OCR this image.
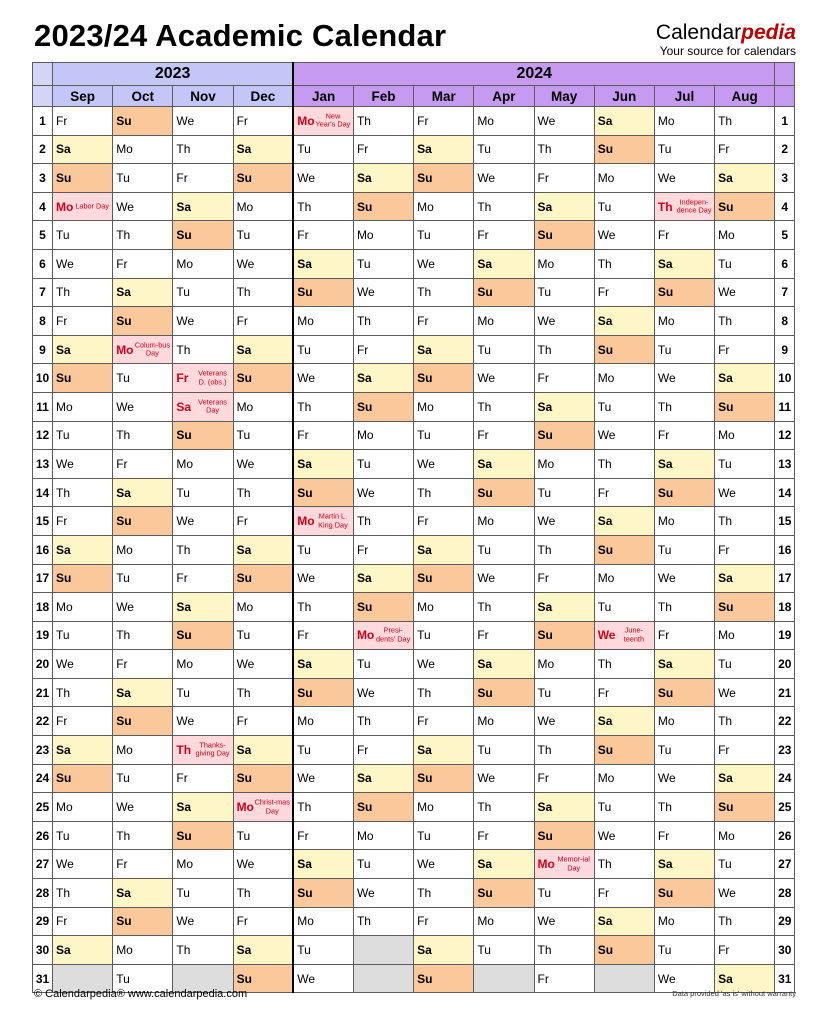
2023/24 Academic Calendar	Calendarpedia
Your source for calendars
	2023				2024								
	Sep	Oct	Nov	Dec	Jan	Feb	Mar	Apr	May	Jun	Jul	Aug	
1	Fr	Su	We	Fr	Mo New Year's Day	Th	Fr	Mo	We	Sa	Mo	Th	1
2	Sa	Mo	Th	Sa	Tu	Fr	Sa	Tu	Th	Su	Tu	Fr	2
3	Su	Tu	Fr	Su	We	Sa	Su	We	Fr	Mo	We	Sa	3
4	Mo Labor Day	We	Sa	Mo	Th	Su	Mo	Th	Sa	Tu	Th Indepen-dence Day	Su	4
5	Tu	Th	Su	Tu	Fr	Mo	Tu	Fr	Su	We	Fr	Mo	5
6	We	Fr	Mo	We	Sa	Tu	We	Sa	Mo	Th	Sa	Tu	6
7	Th	Sa	Tu	Th	Su	We	Th	Su	Tu	Fr	Su	We	7
8	Fr	Su	We	Fr	Mo	Th	Fr	Mo	We	Sa	Mo	Th	8
9	Sa	Mo Colum-bus Day	Th	Sa	Tu	Fr	Sa	Tu	Th	Su	Tu	Fr	9
10	Su	Tu	Fr Veterans D. (obs.)	Su	We	Sa	Su	We	Fr	Mo	We	Sa	10
11	Mo	We	Sa Veterans Day	Mo	Th	Su	Mo	Th	Sa	Tu	Th	Su	11
12	Tu	Th	Su	Tu	Fr	Mo	Tu	Fr	Su	We	Fr	Mo	12
13	We	Fr	Mo	We	Sa	Tu	We	Sa	Mo	Th	Sa	Tu	13
14	Th	Sa	Tu	Th	Su	We	Th	Su	Tu	Fr	Su	We	14
15	Fr	Su	We	Fr	Mo Martin L. King Day	Th	Fr	Mo	We	Sa	Mo	Th	15
16	Sa	Mo	Th	Sa	Tu	Fr	Sa	Tu	Th	Su	Tu	Fr	16
17	Su	Tu	Fr	Su	We	Sa	Su	We	Fr	Mo	We	Sa	17
18	Mo	We	Sa	Mo	Th	Su	Mo	Th	Sa	Tu	Th	Su	18
19	Tu	Th	Su	Tu	Fr	Mo Presi-dents' Day	Tu	Fr	Su	We June-teenth	Fr	Mo	19
20	We	Fr	Mo	We	Sa	Tu	We	Sa	Mo	Th	Sa	Tu	20
21	Th	Sa	Tu	Th	Su	We	Th	Su	Tu	Fr	Su	We	21
22	Fr	Su	We	Fr	Mo	Th	Fr	Mo	We	Sa	Mo	Th	22
23	Sa	Mo	Th Thanks-giving Day	Sa	Tu	Fr	Sa	Tu	Th	Su	Tu	Fr	23
24	Su	Tu	Fr	Su	We	Sa	Su	We	Fr	Mo	We	Sa	24
25	Mo	We	Sa	Mo Christ-mas Day	Th	Su	Mo	Th	Sa	Tu	Th	Su	25
26	Tu	Th	Su	Tu	Fr	Mo	Tu	Fr	Su	We	Fr	Mo	26
27	We	Fr	Mo	We	Sa	Tu	We	Sa	Mo Memor-ial Day	Th	Sa	Tu	27
28	Th	Sa	Tu	Th	Su	We	Th	Su	Tu	Fr	Su	We	28
29	Fr	Su	We	Fr	Mo	Th	Fr	Mo	We	Sa	Mo	Th	29
30	Sa	Mo	Th	Sa	Tu		Sa	Tu	Th	Su	Tu	Fr	30
31		Tu		Su	We		Su		Fr		We	Sa	31
© Calendarpedia® www.calendarpedia.com	Data provided 'as is' without warranty
